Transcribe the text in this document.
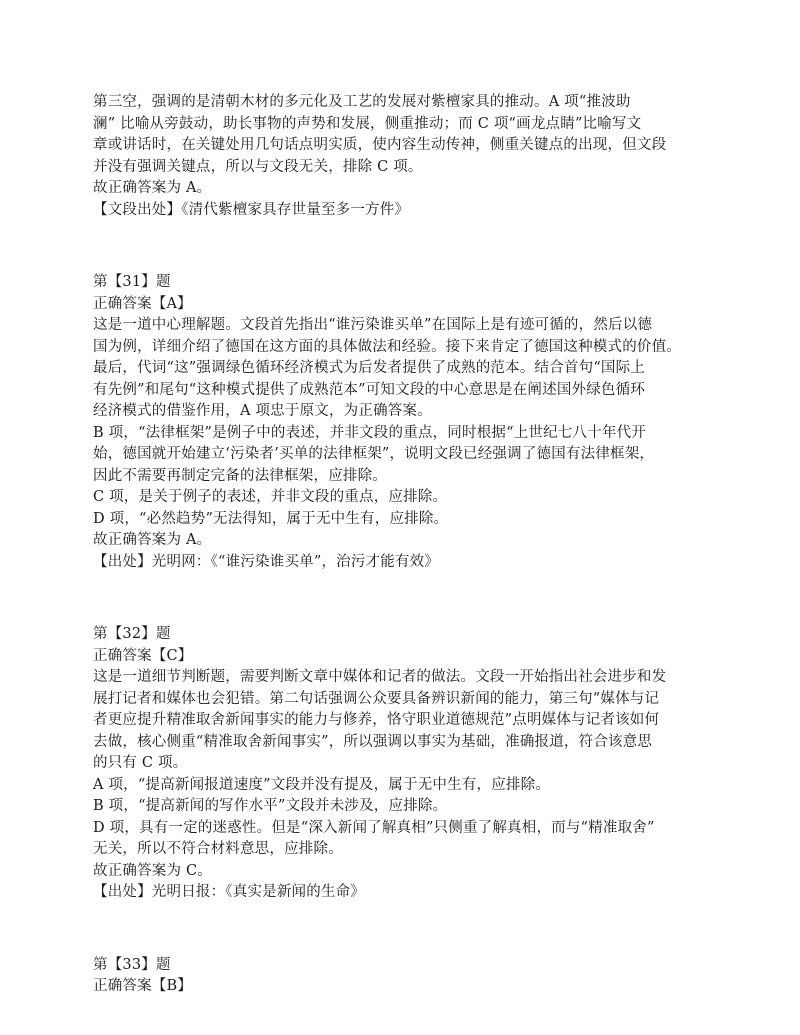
第三空，强调的是清朝木材的多元化及工艺的发展对紫檀家具的推动。A 项“推波助
澜” 比喻从旁鼓动，助长事物的声势和发展，侧重推动；而 C 项“画龙点睛”比喻写文
章或讲话时，在关键处用几句话点明实质，使内容生动传神，侧重关键点的出现，但文段
并没有强调关键点，所以与文段无关，排除 C 项。
故正确答案为 A。
【文段出处】《清代紫檀家具存世量至多一方件》
第【31】题
正确答案【A】
这是一道中心理解题。文段首先指出“谁污染谁买单”在国际上是有迹可循的，然后以德
国为例，详细介绍了德国在这方面的具体做法和经验。接下来肯定了德国这种模式的价值。
最后，代词“这”强调绿色循环经济模式为后发者提供了成熟的范本。结合首句“国际上
有先例”和尾句“这种模式提供了成熟范本”可知文段的中心意思是在阐述国外绿色循环
经济模式的借鉴作用，A 项忠于原文，为正确答案。
B 项，“法律框架”是例子中的表述，并非文段的重点，同时根据“上世纪七八十年代开
始，德国就开始建立‘污染者’买单的法律框架”，说明文段已经强调了德国有法律框架，
因此不需要再制定完备的法律框架，应排除。
C 项，是关于例子的表述，并非文段的重点，应排除。
D 项，“必然趋势”无法得知，属于无中生有，应排除。
故正确答案为 A。
【出处】光明网：《“谁污染谁买单”，治污才能有效》
第【32】题
正确答案【C】
这是一道细节判断题，需要判断文章中媒体和记者的做法。文段一开始指出社会进步和发
展打记者和媒体也会犯错。第二句话强调公众要具备辨识新闻的能力，第三句“媒体与记
者更应提升精准取舍新闻事实的能力与修养，恪守职业道德规范”点明媒体与记者该如何
去做，核心侧重“精准取舍新闻事实”，所以强调以事实为基础，准确报道，符合该意思
的只有 C 项。
A 项，“提高新闻报道速度”文段并没有提及，属于无中生有，应排除。
B 项，“提高新闻的写作水平”文段并未涉及，应排除。
D 项，具有一定的迷惑性。但是“深入新闻了解真相”只侧重了解真相，而与“精准取舍”
无关，所以不符合材料意思，应排除。
故正确答案为 C。
【出处】光明日报：《真实是新闻的生命》
第【33】题
正确答案【B】
